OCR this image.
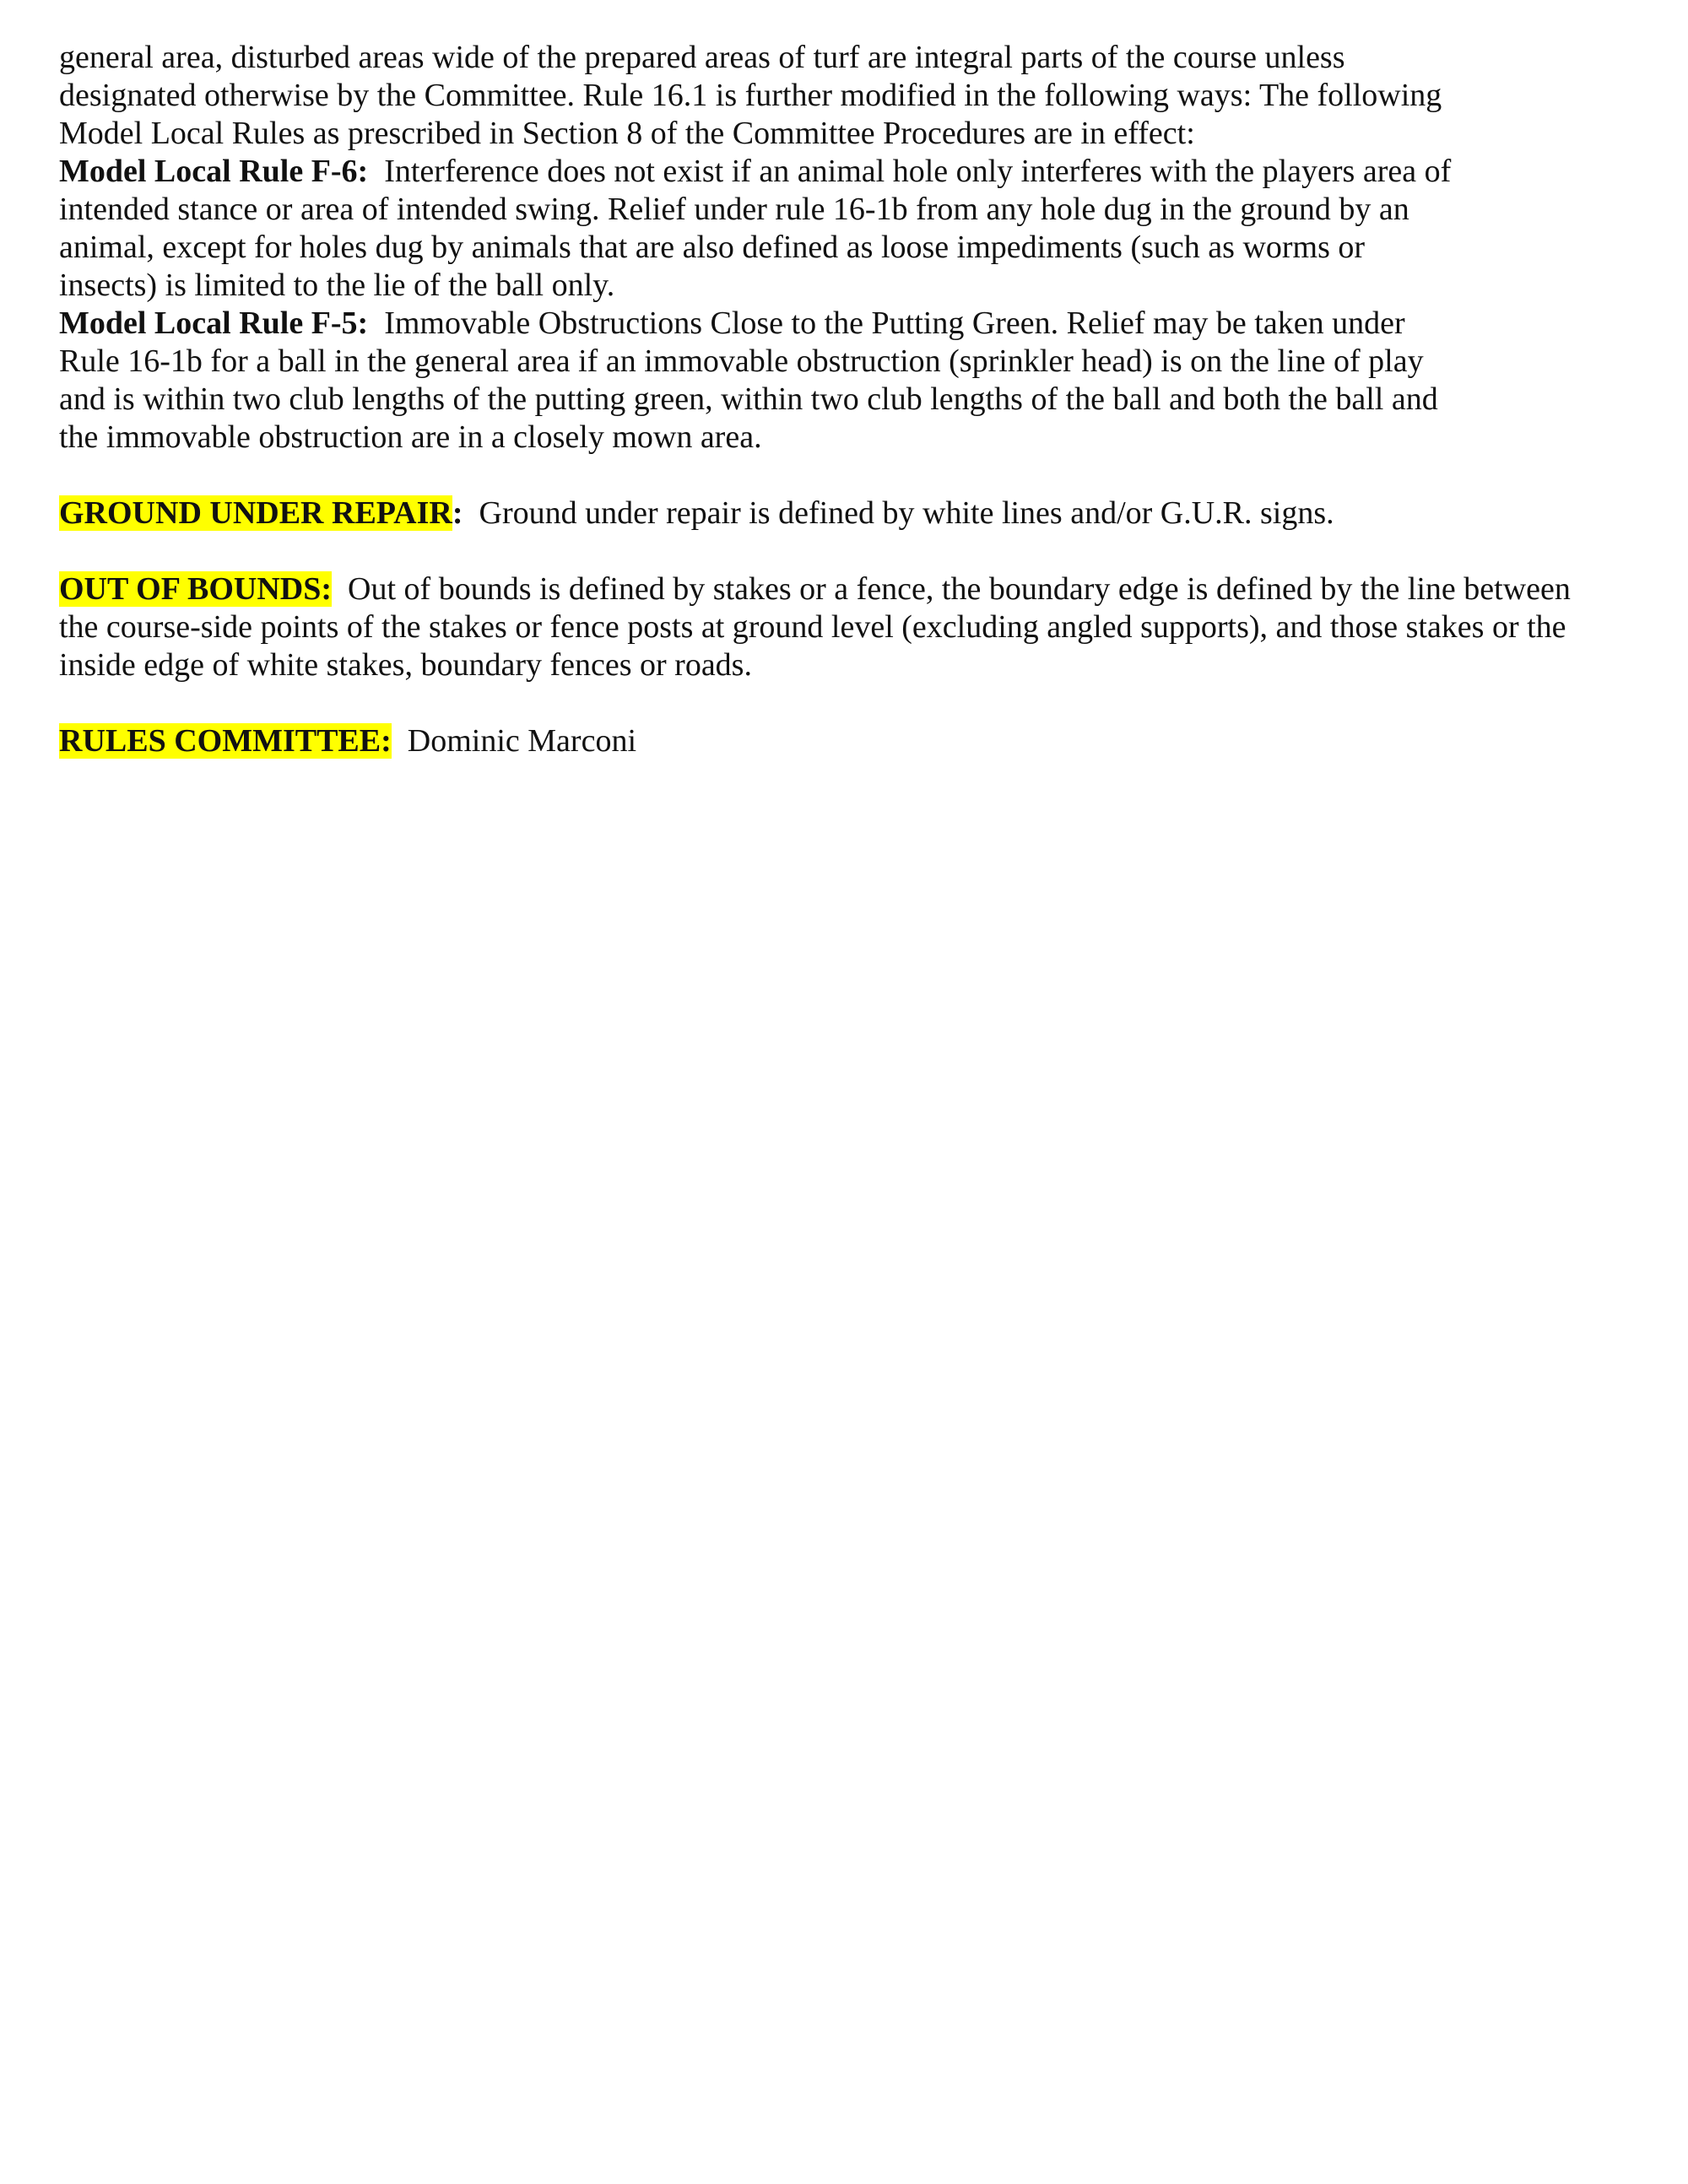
general area, disturbed areas wide of the prepared areas of turf are integral parts of the course unless
designated otherwise by the Committee. Rule 16.1 is further modified in the following ways: The following
Model Local Rules as prescribed in Section 8 of the Committee Procedures are in effect:
Model Local Rule F-6:  Interference does not exist if an animal hole only interferes with the players area of
intended stance or area of intended swing. Relief under rule 16-1b from any hole dug in the ground by an
animal, except for holes dug by animals that are also defined as loose impediments (such as worms or
insects) is limited to the lie of the ball only.
Model Local Rule F-5:  Immovable Obstructions Close to the Putting Green. Relief may be taken under
Rule 16-1b for a ball in the general area if an immovable obstruction (sprinkler head) is on the line of play
and is within two club lengths of the putting green, within two club lengths of the ball and both the ball and
the immovable obstruction are in a closely mown area.
GROUND UNDER REPAIR:  Ground under repair is defined by white lines and/or G.U.R. signs.
OUT OF BOUNDS:  Out of bounds is defined by stakes or a fence, the boundary edge is defined by the line between
the course-side points of the stakes or fence posts at ground level (excluding angled supports), and those stakes or the
inside edge of white stakes, boundary fences or roads.
RULES COMMITTEE:  Dominic Marconi
